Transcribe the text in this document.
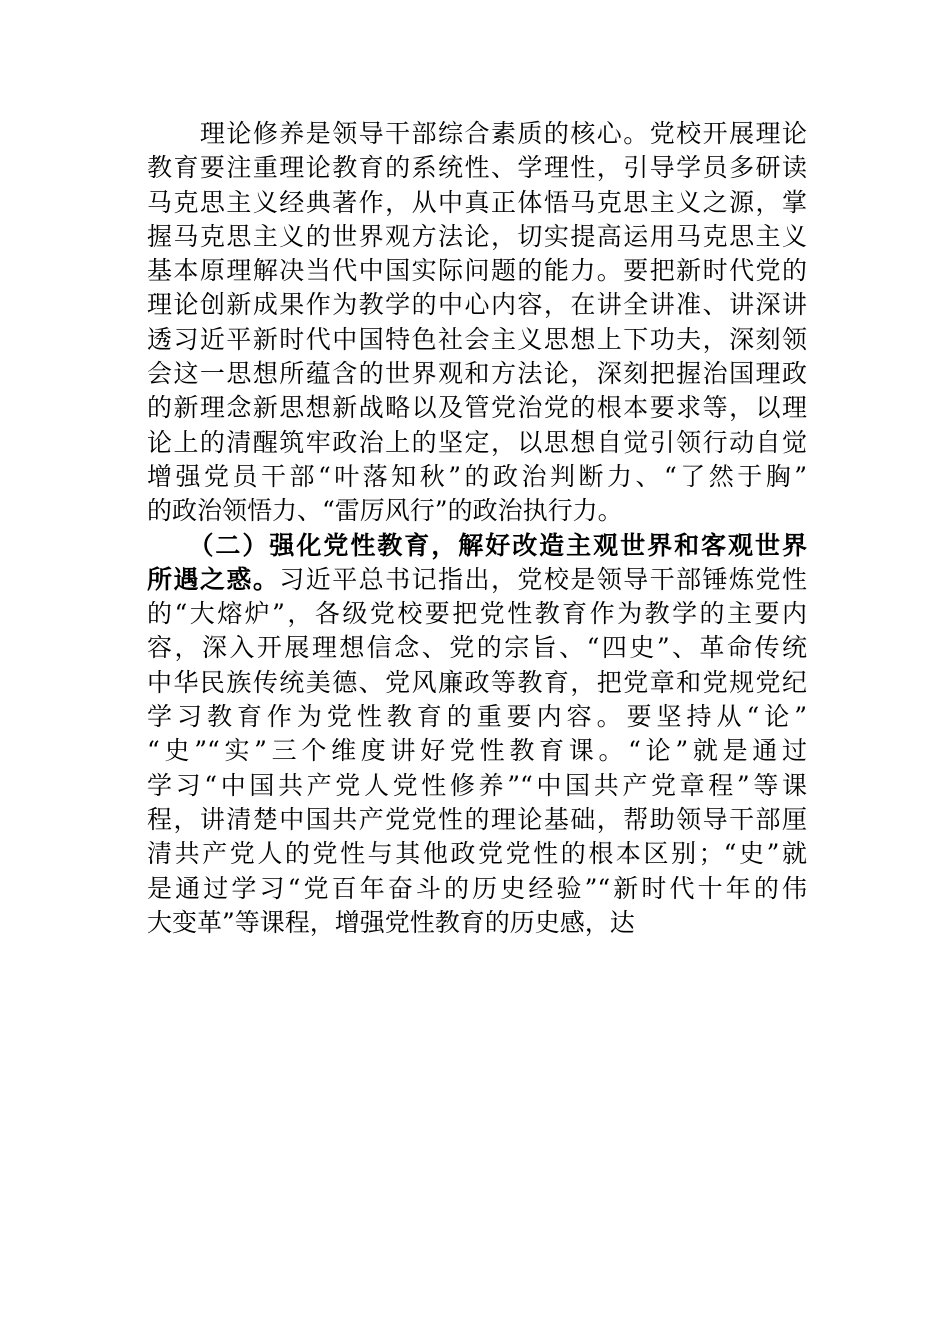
　　理论修养是领导干部综合素质的核心。党校开展理论
教育要注重理论教育的系统性、学理性，引导学员多研读
马克思主义经典著作，从中真正体悟马克思主义之源，掌
握马克思主义的世界观方法论，切实提高运用马克思主义
基本原理解决当代中国实际问题的能力。要把新时代党的
理论创新成果作为教学的中心内容，在讲全讲准、讲深讲
透习近平新时代中国特色社会主义思想上下功夫，深刻领
会这一思想所蕴含的世界观和方法论，深刻把握治国理政
的新理念新思想新战略以及管党治党的根本要求等，以理
论上的清醒筑牢政治上的坚定，以思想自觉引领行动自觉
增强党员干部“叶落知秋”的政治判断力、“了然于胸”
的政治领悟力、“雷厉风行”的政治执行力。
　　（二）强化党性教育，解好改造主观世界和客观世界
所遇之惑。习近平总书记指出，党校是领导干部锤炼党性
的“大熔炉”，各级党校要把党性教育作为教学的主要内
容，深入开展理想信念、党的宗旨、“四史”、革命传统
中华民族传统美德、党风廉政等教育，把党章和党规党纪
学习教育作为党性教育的重要内容。要坚持从“论”
“史”“实”三个维度讲好党性教育课。“论”就是通过
学习“中国共产党人党性修养”“中国共产党章程”等课
程，讲清楚中国共产党党性的理论基础，帮助领导干部厘
清共产党人的党性与其他政党党性的根本区别；“史”就
是通过学习“党百年奋斗的历史经验”“新时代十年的伟
大变革”等课程，增强党性教育的历史感，达
